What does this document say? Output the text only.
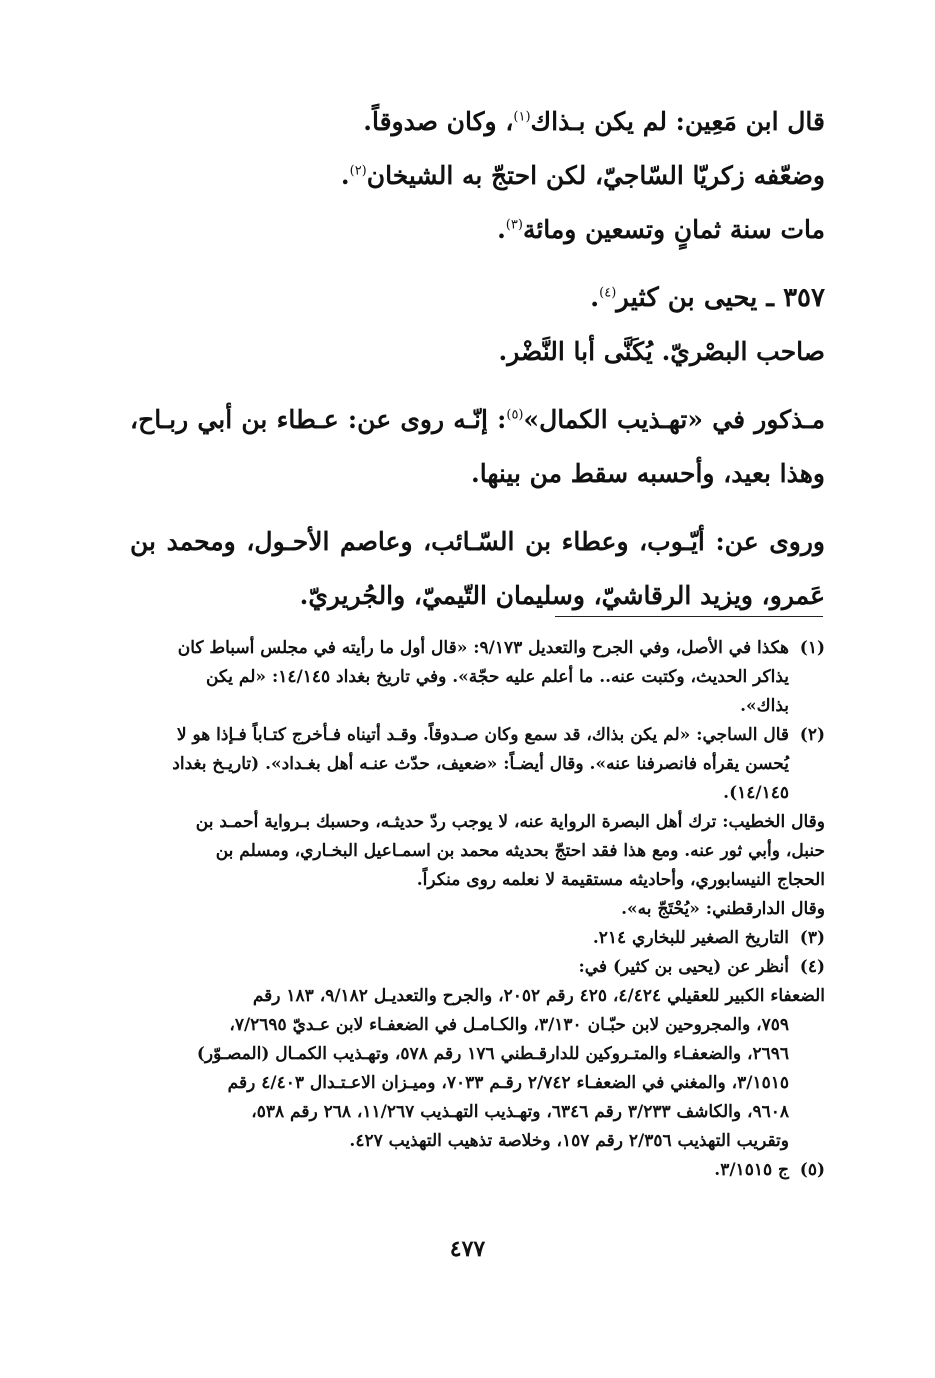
قال ابن مَعِين: لم يكن بـذاك$^{(١)}$، وكان صدوقاً.

وضعّفه زكريّا السّاجيّ، لكن احتجّ به الشيخان$^{(٢)}$.

مات سنة ثمانٍ وتسعين ومائة$^{(٣)}$.

٣٥٧ ـ يحيى بن كثير$^{(٤)}$.

صاحب البصْريّ. يُكَنَّى أبا النَّضْر.

مـذكور في «تهـذيب الكمال»$^{(٥)}$: إنّـه روى عن: عـطاء بن أبي ربـاح، وهذا بعيد، وأحسبه سقط من بينها.

وروى عن: أيّـوب، وعطاء بن السّـائب، وعاصم الأحـول، ومحمد بن عَمرو، ويزيد الرقاشيّ، وسليمان التّيميّ، والجُريريّ.

(١)
هكذا في الأصل، وفي الجرح والتعديل ٩/١٧٣: «قال أول ما رأيته في مجلس أسباط كان
يذاكر الحديث، وكتبت عنه.. ما أعلم عليه حجّة». وفي تاريخ بغداد ١٤/١٤٥: «لم يكن
بذاك».
(٢)
قال الساجي: «لم يكن بذاك، قد سمع وكان صـدوقاً. وقـد أتيناه فـأخرج كتـاباً فـإذا هو لا
يُحسن يقرأه فانصرفنا عنه». وقال أيضـاً: «ضعيف، حدّث عنـه أهل بغـداد». (تاريـخ بغداد
١٤/١٤٥).
وقال الخطيب: ترك أهل البصرة الرواية عنه، لا يوجب ردّ حديثـه، وحسبك بـرواية أحمـد بن
حنبل، وأبي ثور عنه. ومع هذا فقد احتجّ بحديثه محمد بن اسمـاعيل البخـاري، ومسلم بن
الحجاج النيسابوري، وأحاديثه مستقيمة لا نعلمه روى منكراً.
وقال الدارقطني: «يُحْتَجّ به».
(٣)
التاريخ الصغير للبخاري ٢١٤.
(٤)
أنظر عن (يحيى بن كثير) في:
الضعفاء الكبير للعقيلي ٤/٤٢٤، ٤٢٥ رقم ٢٠٥٢، والجرح والتعديـل ٩/١٨٢، ١٨٣ رقم
٧٥٩، والمجروحين لابن حبّـان ٣/١٣٠، والكـامـل في الضعفـاء لابن عـديّ ٧/٢٦٩٥،
٢٦٩٦، والضعفـاء والمتـروكين للدارقـطني ١٧٦ رقم ٥٧٨، وتهـذيب الكمـال (المصـوّر)
٣/١٥١٥، والمغني في الضعفـاء ٢/٧٤٢ رقـم ٧٠٣٣، وميـزان الاعـتـدال ٤/٤٠٣ رقم
٩٦٠٨، والكاشف ٣/٢٣٣ رقم ٦٣٤٦، وتهـذيب التهـذيب ١١/٢٦٧، ٢٦٨ رقم ٥٣٨،
وتقريب التهذيب ٢/٣٥٦ رقم ١٥٧، وخلاصة تذهيب التهذيب ٤٢٧.
(٥)
ج ٣/١٥١٥.
٤٧٧
